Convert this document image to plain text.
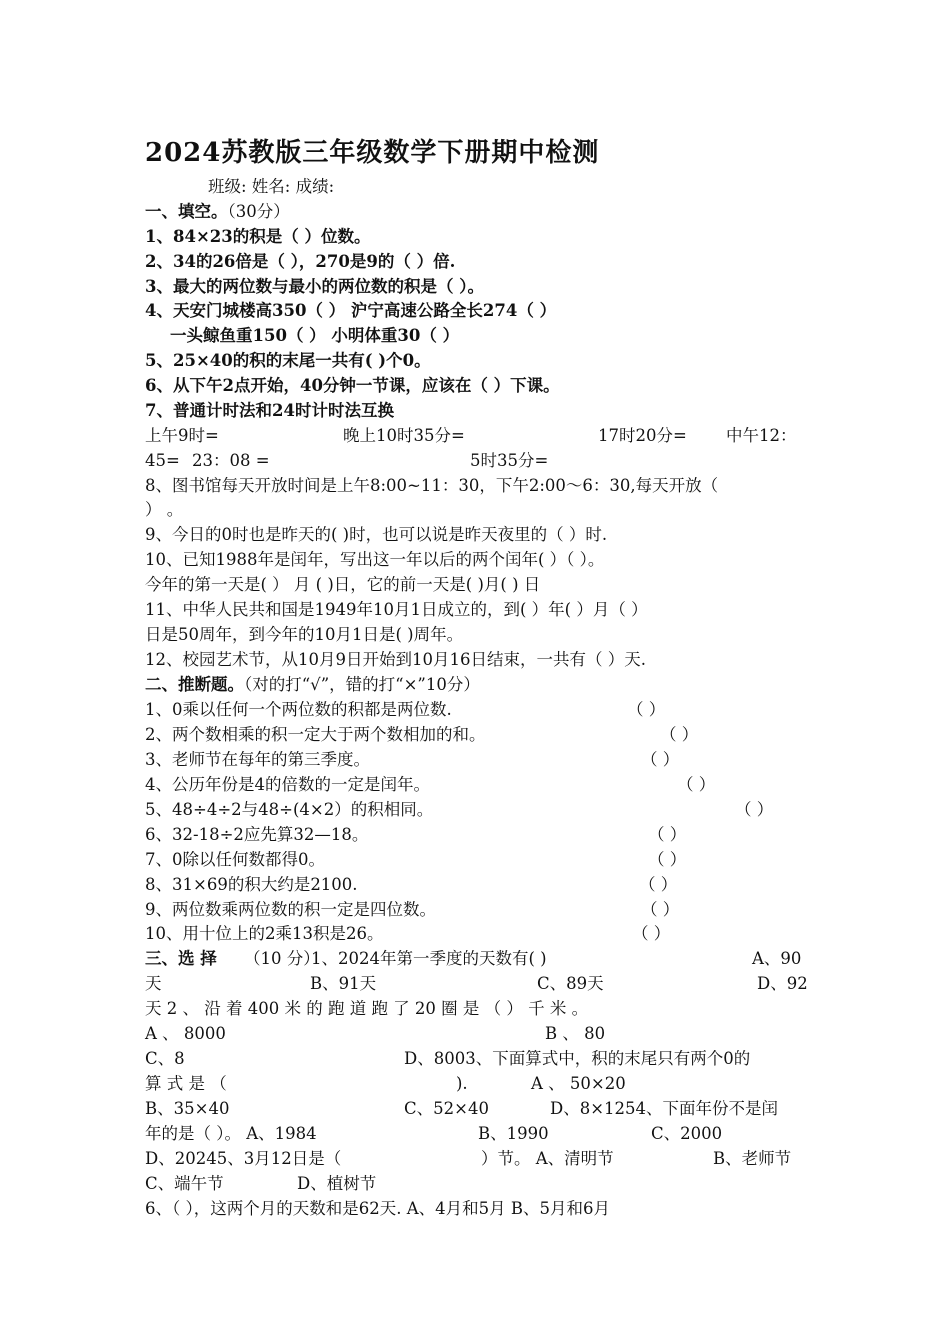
2024苏教版三年级数学下册期中检测
班级: 姓名: 成绩:
一、填空。（30分）
1、84×23的积是（ ）位数。
2、34的26倍是（ ），270是9的（ ）倍.
3、最大的两位数与最小的两位数的积是（ ）。
4、天安门城楼高350（ ） 沪宁高速公路全长274（ ）
一头鲸鱼重150（ ） 小明体重30（ ）
5、25×40的积的末尾一共有( )个0。
6、从下午2点开始，40分钟一节课，应该在（ ）下课。
7、普通计时法和24时计时法互换
上午9时=	晚上10时35分=	17时20分= 中午12：
45= 23：08 =	5时35分=
8、图书馆每天开放时间是上午8:00~11：30，下午2:00～6：30,每天开放（
） 。
9、今日的0时也是昨天的( )时，也可以说是昨天夜里的（ ）时.
10、已知1988年是闰年，写出这一年以后的两个闰年( ）（ ）。
今年的第一天是( ） 月 ( )日，它的前一天是( )月( ) 日
11、中华人民共和国是1949年10月1日成立的，到( ）年( ）月（ ）
日是50周年，到今年的10月1日是( )周年。
12、校园艺术节，从10月9日开始到10月16日结束，一共有（ ）天.
二、推断题。（对的打“√”，错的打“×”10分）
1、0乘以任何一个两位数的积都是两位数.	（ ）
2、两个数相乘的积一定大于两个数相加的和。	（ ）
3、老师节在每年的第三季度。	（ ）
4、公历年份是4的倍数的一定是闰年。	（ ）
5、48÷4÷2与48÷(4×2）的积相同。	（ ）
6、32-18÷2应先算32—18。	（ ）
7、0除以任何数都得0。	（ ）
8、31×69的积大约是2100.	（ ）
9、两位数乘两位数的积一定是四位数。	（ ）
10、用十位上的2乘13积是26。	（ ）
三、选 择 （10 分）
1、2024年第一季度的天数有( )	A、90
天	B、91天	C、89天	D、92
天 2 、 沿 着 400 米 的 跑 道 跑 了 20 圈 是 （ ） 千 米 。
A 、 8000	B 、 80
C、8	D、8003、下面算式中，积的末尾只有两个0的
算 式 是 （	).	A 、 50×20
B、35×40	C、52×40	D、8×1254、下面年份不是闰
年的是（ ）。 A、1984	B、1990	C、2000
D、20245、3月12日是（	）节。 A、清明节	B、老师节
C、端午节	D、植树节
6、（ ），这两个月的天数和是62天. A、4月和5月 B、5月和6月
